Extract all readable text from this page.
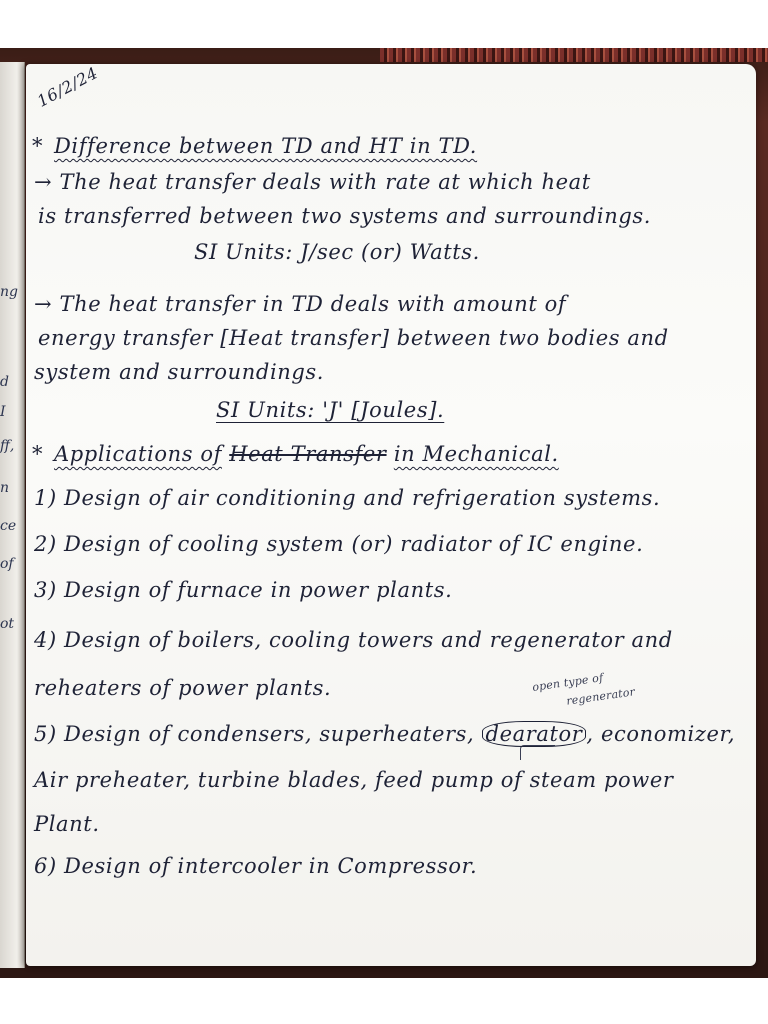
ng
d
I
ff,
n
ce
of
ot
16/2/24
* Difference between TD and HT in TD.
→ The heat transfer deals with rate at which heat
is transferred between two systems and surroundings.
SI Units: J/sec (or) Watts.
→ The heat transfer in TD deals with amount of
energy transfer [Heat transfer] between two bodies and
system and surroundings.
SI Units: 'J' [Joules].
* Applications of Heat Transfer in Mechanical.
1) Design of air conditioning and refrigeration systems.
2) Design of cooling system (or) radiator of IC engine.
3) Design of furnace in power plants.
4) Design of boilers, cooling towers and regenerator and
reheaters of power plants.	open type of
regenerator
5) Design of condensers, superheaters, dearator , economizer,
Air preheater, turbine blades, feed pump of steam power
Plant.
6) Design of intercooler in Compressor.
